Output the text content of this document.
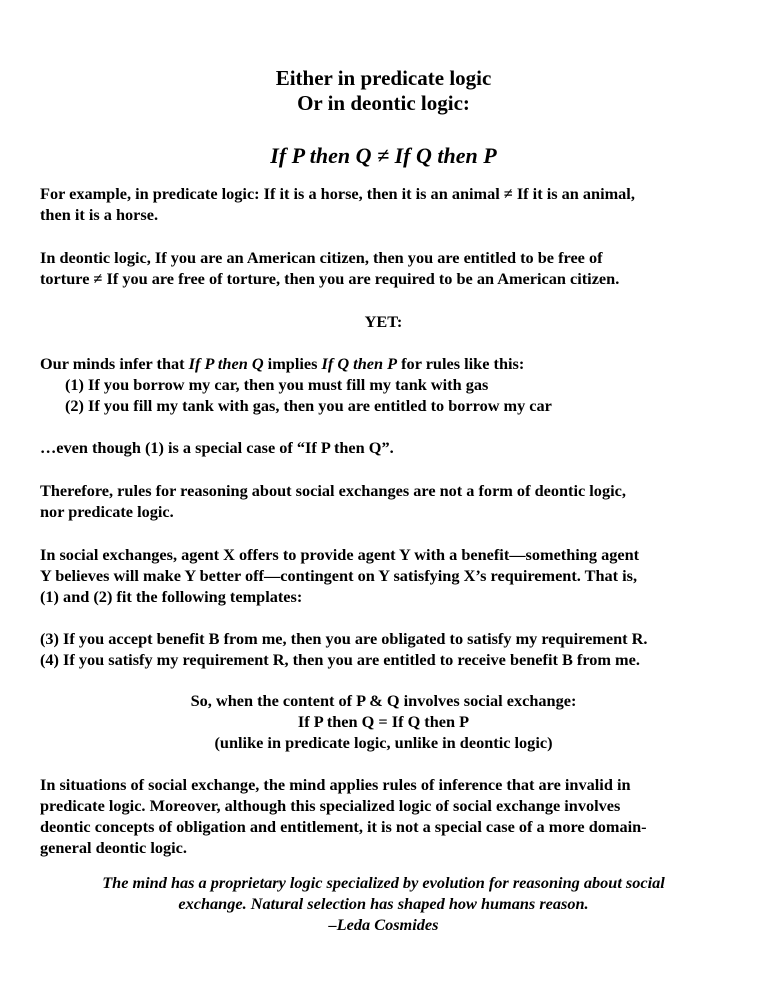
Either in predicate logic
Or in deontic logic:
If P then Q ≠ If Q then P
For example, in predicate logic: If it is a horse, then it is an animal ≠ If it is an animal,
then it is a horse.
In deontic logic, If you are an American citizen, then you are entitled to be free of
torture ≠ If you are free of torture, then you are required to be an American citizen.
YET:
Our minds infer that If P then Q implies If Q then P for rules like this:
(1) If you borrow my car, then you must fill my tank with gas
(2) If you fill my tank with gas, then you are entitled to borrow my car
…even though (1) is a special case of “If P then Q”.
Therefore, rules for reasoning about social exchanges are not a form of deontic logic,
nor predicate logic.
In social exchanges, agent X offers to provide agent Y with a benefit—something agent
Y believes will make Y better off—contingent on Y satisfying X’s requirement. That is,
(1) and (2) fit the following templates:
(3) If you accept benefit B from me, then you are obligated to satisfy my requirement R.
(4) If you satisfy my requirement R, then you are entitled to receive benefit B from me.
So, when the content of P & Q involves social exchange:
If P then Q = If Q then P
(unlike in predicate logic, unlike in deontic logic)
In situations of social exchange, the mind applies rules of inference that are invalid in
predicate logic. Moreover, although this specialized logic of social exchange involves
deontic concepts of obligation and entitlement, it is not a special case of a more domain-
general deontic logic.
The mind has a proprietary logic specialized by evolution for reasoning about social
exchange. Natural selection has shaped how humans reason.
–Leda Cosmides
